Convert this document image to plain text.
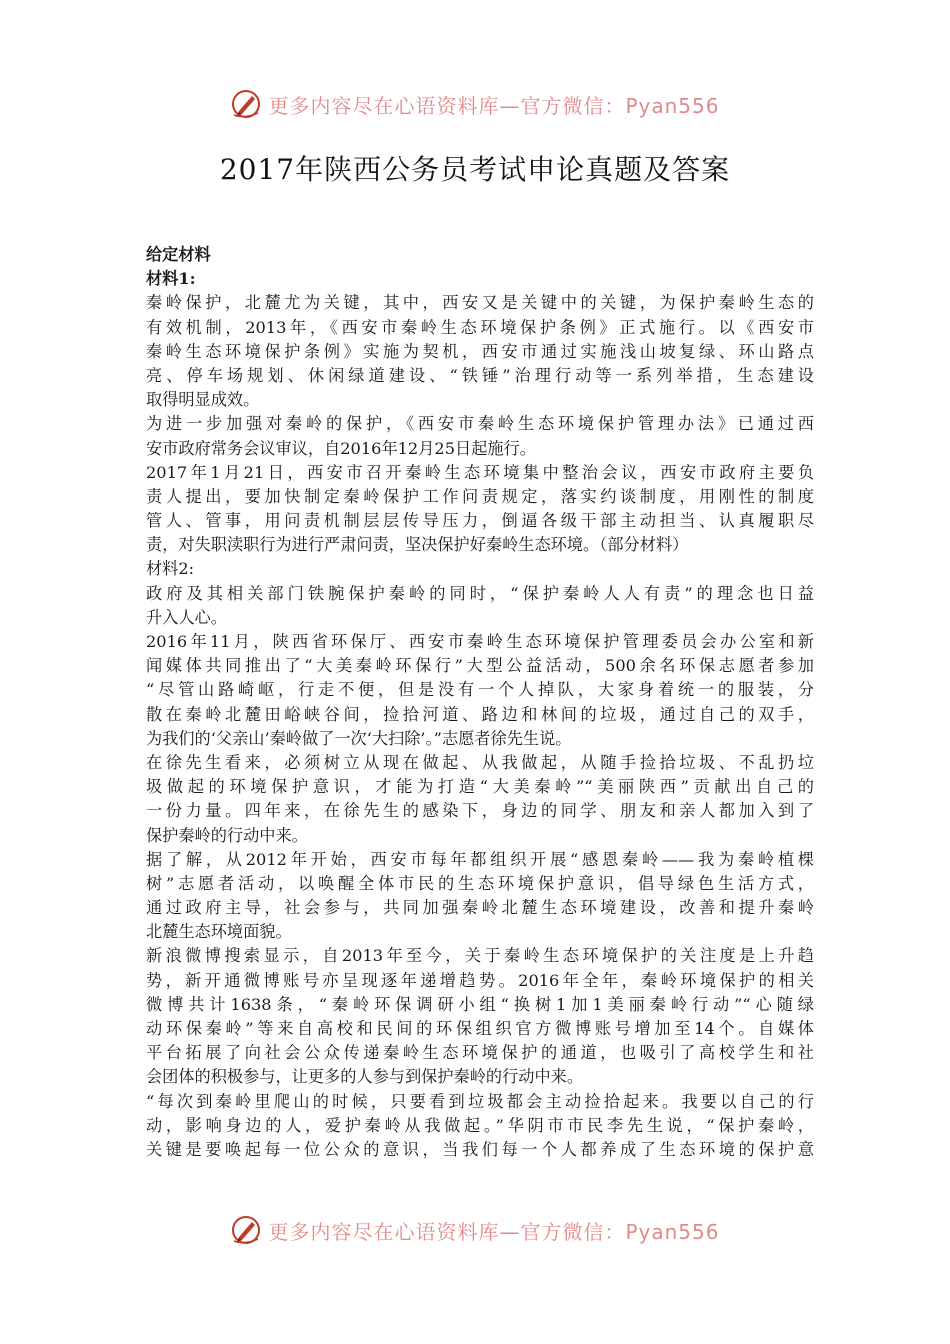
更多内容尽在心语资料库—官方微信：Pyan556
2017年陕西公务员考试申论真题及答案
给定材料
材料1:
秦岭保护，北麓尤为关键，其中，西安又是关键中的关键，为保护秦岭生态的
有效机制，2013年，《西安市秦岭生态环境保护条例》正式施行。以《西安市
秦岭生态环境保护条例》实施为契机，西安市通过实施浅山坡复绿、环山路点
亮、停车场规划、休闲绿道建设、“铁锤”治理行动等一系列举措，生态建设
取得明显成效。
为进一步加强对秦岭的保护，《西安市秦岭生态环境保护管理办法》已通过西
安市政府常务会议审议，自2016年12月25日起施行。
2017年1月21日，西安市召开秦岭生态环境集中整治会议，西安市政府主要负
责人提出，要加快制定秦岭保护工作问责规定，落实约谈制度，用刚性的制度
管人、管事，用问责机制层层传导压力，倒逼各级干部主动担当、认真履职尽
责，对失职渎职行为进行严肃问责，坚决保护好秦岭生态环境。（部分材料）
材料2:
政府及其相关部门铁腕保护秦岭的同时，“保护秦岭人人有责”的理念也日益
升入人心。
2016年11月，陕西省环保厅、西安市秦岭生态环境保护管理委员会办公室和新
闻媒体共同推出了“大美秦岭环保行”大型公益活动，500余名环保志愿者参加
“尽管山路崎岖，行走不便，但是没有一个人掉队，大家身着统一的服装，分
散在秦岭北麓田峪峡谷间，捡拾河道、路边和林间的垃圾，通过自己的双手，
为我们的‘父亲山’秦岭做了一次‘大扫除’。”志愿者徐先生说。
在徐先生看来，必须树立从现在做起、从我做起，从随手捡拾垃圾、不乱扔垃
圾做起的环境保护意识，才能为打造“大美秦岭”“美丽陕西”贡献出自己的
一份力量。四年来，在徐先生的感染下，身边的同学、朋友和亲人都加入到了
保护秦岭的行动中来。
据了解，从2012年开始，西安市每年都组织开展“感恩秦岭——我为秦岭植棵
树”志愿者活动，以唤醒全体市民的生态环境保护意识，倡导绿色生活方式，
通过政府主导，社会参与，共同加强秦岭北麓生态环境建设，改善和提升秦岭
北麓生态环境面貌。
新浪微博搜索显示，自2013年至今，关于秦岭生态环境保护的关注度是上升趋
势，新开通微博账号亦呈现逐年递增趋势。2016年全年，秦岭环境保护的相关
微博共计1638条，“秦岭环保调研小组“换树1加1美丽秦岭行动”“心随绿
动环保秦岭”等来自高校和民间的环保组织官方微博账号增加至14个。自媒体
平台拓展了向社会公众传递秦岭生态环境保护的通道，也吸引了高校学生和社
会团体的积极参与，让更多的人参与到保护秦岭的行动中来。
“每次到秦岭里爬山的时候，只要看到垃圾都会主动捡拾起来。我要以自己的行
动，影响身边的人，爱护秦岭从我做起。”华阴市市民李先生说，“保护秦岭，
关键是要唤起每一位公众的意识，当我们每一个人都养成了生态环境的保护意
更多内容尽在心语资料库—官方微信：Pyan556
